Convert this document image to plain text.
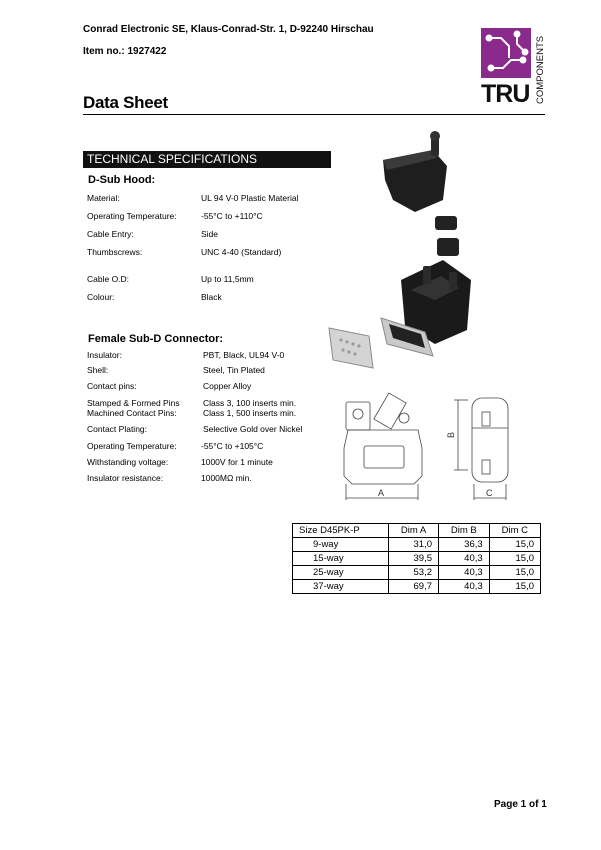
Conrad Electronic SE, Klaus-Conrad-Str. 1, D-92240 Hirschau
Item no.: 1927422
Data Sheet	TRU COMPONENTS
TECHNICAL SPECIFICATIONS
D-Sub Hood:
Material:	UL 94 V-0 Plastic Material
Operating Temperature:	-55°C to +110°C
Cable Entry:	Side
Thumbscrews:	UNC 4-40 (Standard)
Cable O.D:	Up to 11,5mm
Colour:	Black
Female Sub-D Connector:
Insulator:	PBT, Black, UL94 V-0
Shell:	Steel, Tin Plated
Contact pins:	Copper Alloy
Stamped & Formed Pins	Class 3, 100 inserts min.
Machined Contact Pins:	Class 1, 500 inserts min.
Contact Plating:	Selective Gold over Nickel
Operating Temperature:	-55°C to +105°C
Withstanding voltage:	1000V for 1 minute
Insulator resistance:	1000MΩ min.
A
B
C
Size D45PK-P	Dim A	Dim B	Dim C
9-way	31,0	36,3	15,0
15-way	39,5	40,3	15,0
25-way	53,2	40,3	15,0
37-way	69,7	40,3	15,0
Page 1 of 1
